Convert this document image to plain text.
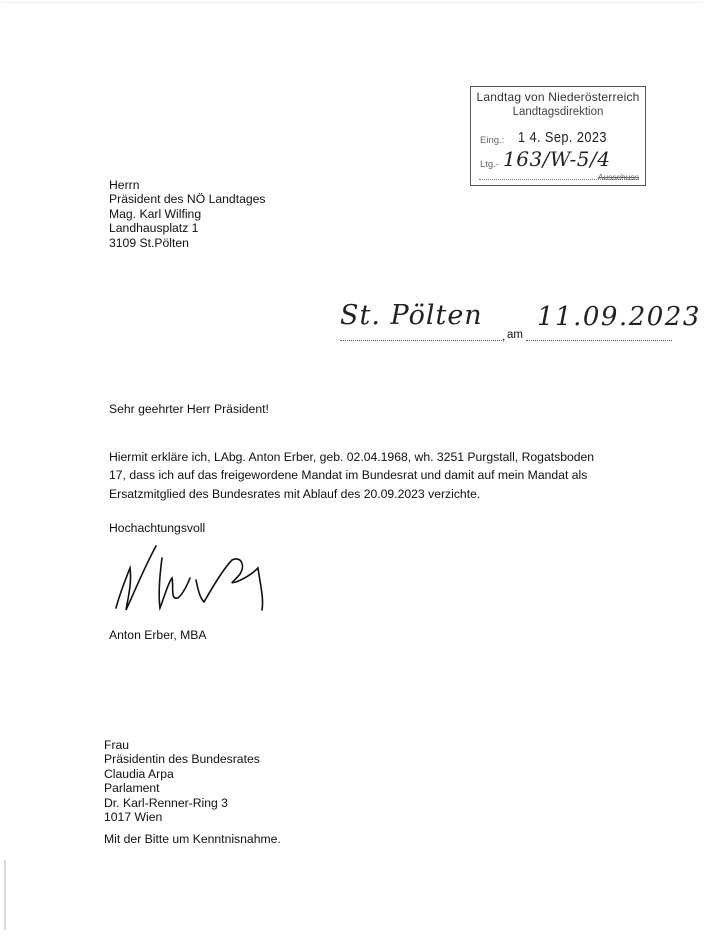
Landtag von Niederösterreich
Landtagsdirektion
Eing.: 1 4. Sep. 2023
Ltg.- 163/W-5/4
Ausschuss
Herrn
Präsident des NÖ Landtages
Mag. Karl Wilfing
Landhausplatz 1
3109 St.Pölten
St. Pölten
, am
11.09.2023
Sehr geehrter Herr Präsident!
Hiermit erkläre ich, LAbg. Anton Erber, geb. 02.04.1968, wh. 3251 Purgstall, Rogatsboden
17, dass ich auf das freigewordene Mandat im Bundesrat und damit auf mein Mandat als
Ersatzmitglied des Bundesrates mit Ablauf des 20.09.2023 verzichte.
Hochachtungsvoll
Anton Erber, MBA
Frau
Präsidentin des Bundesrates
Claudia Arpa
Parlament
Dr. Karl-Renner-Ring 3
1017 Wien
Mit der Bitte um Kenntnisnahme.
